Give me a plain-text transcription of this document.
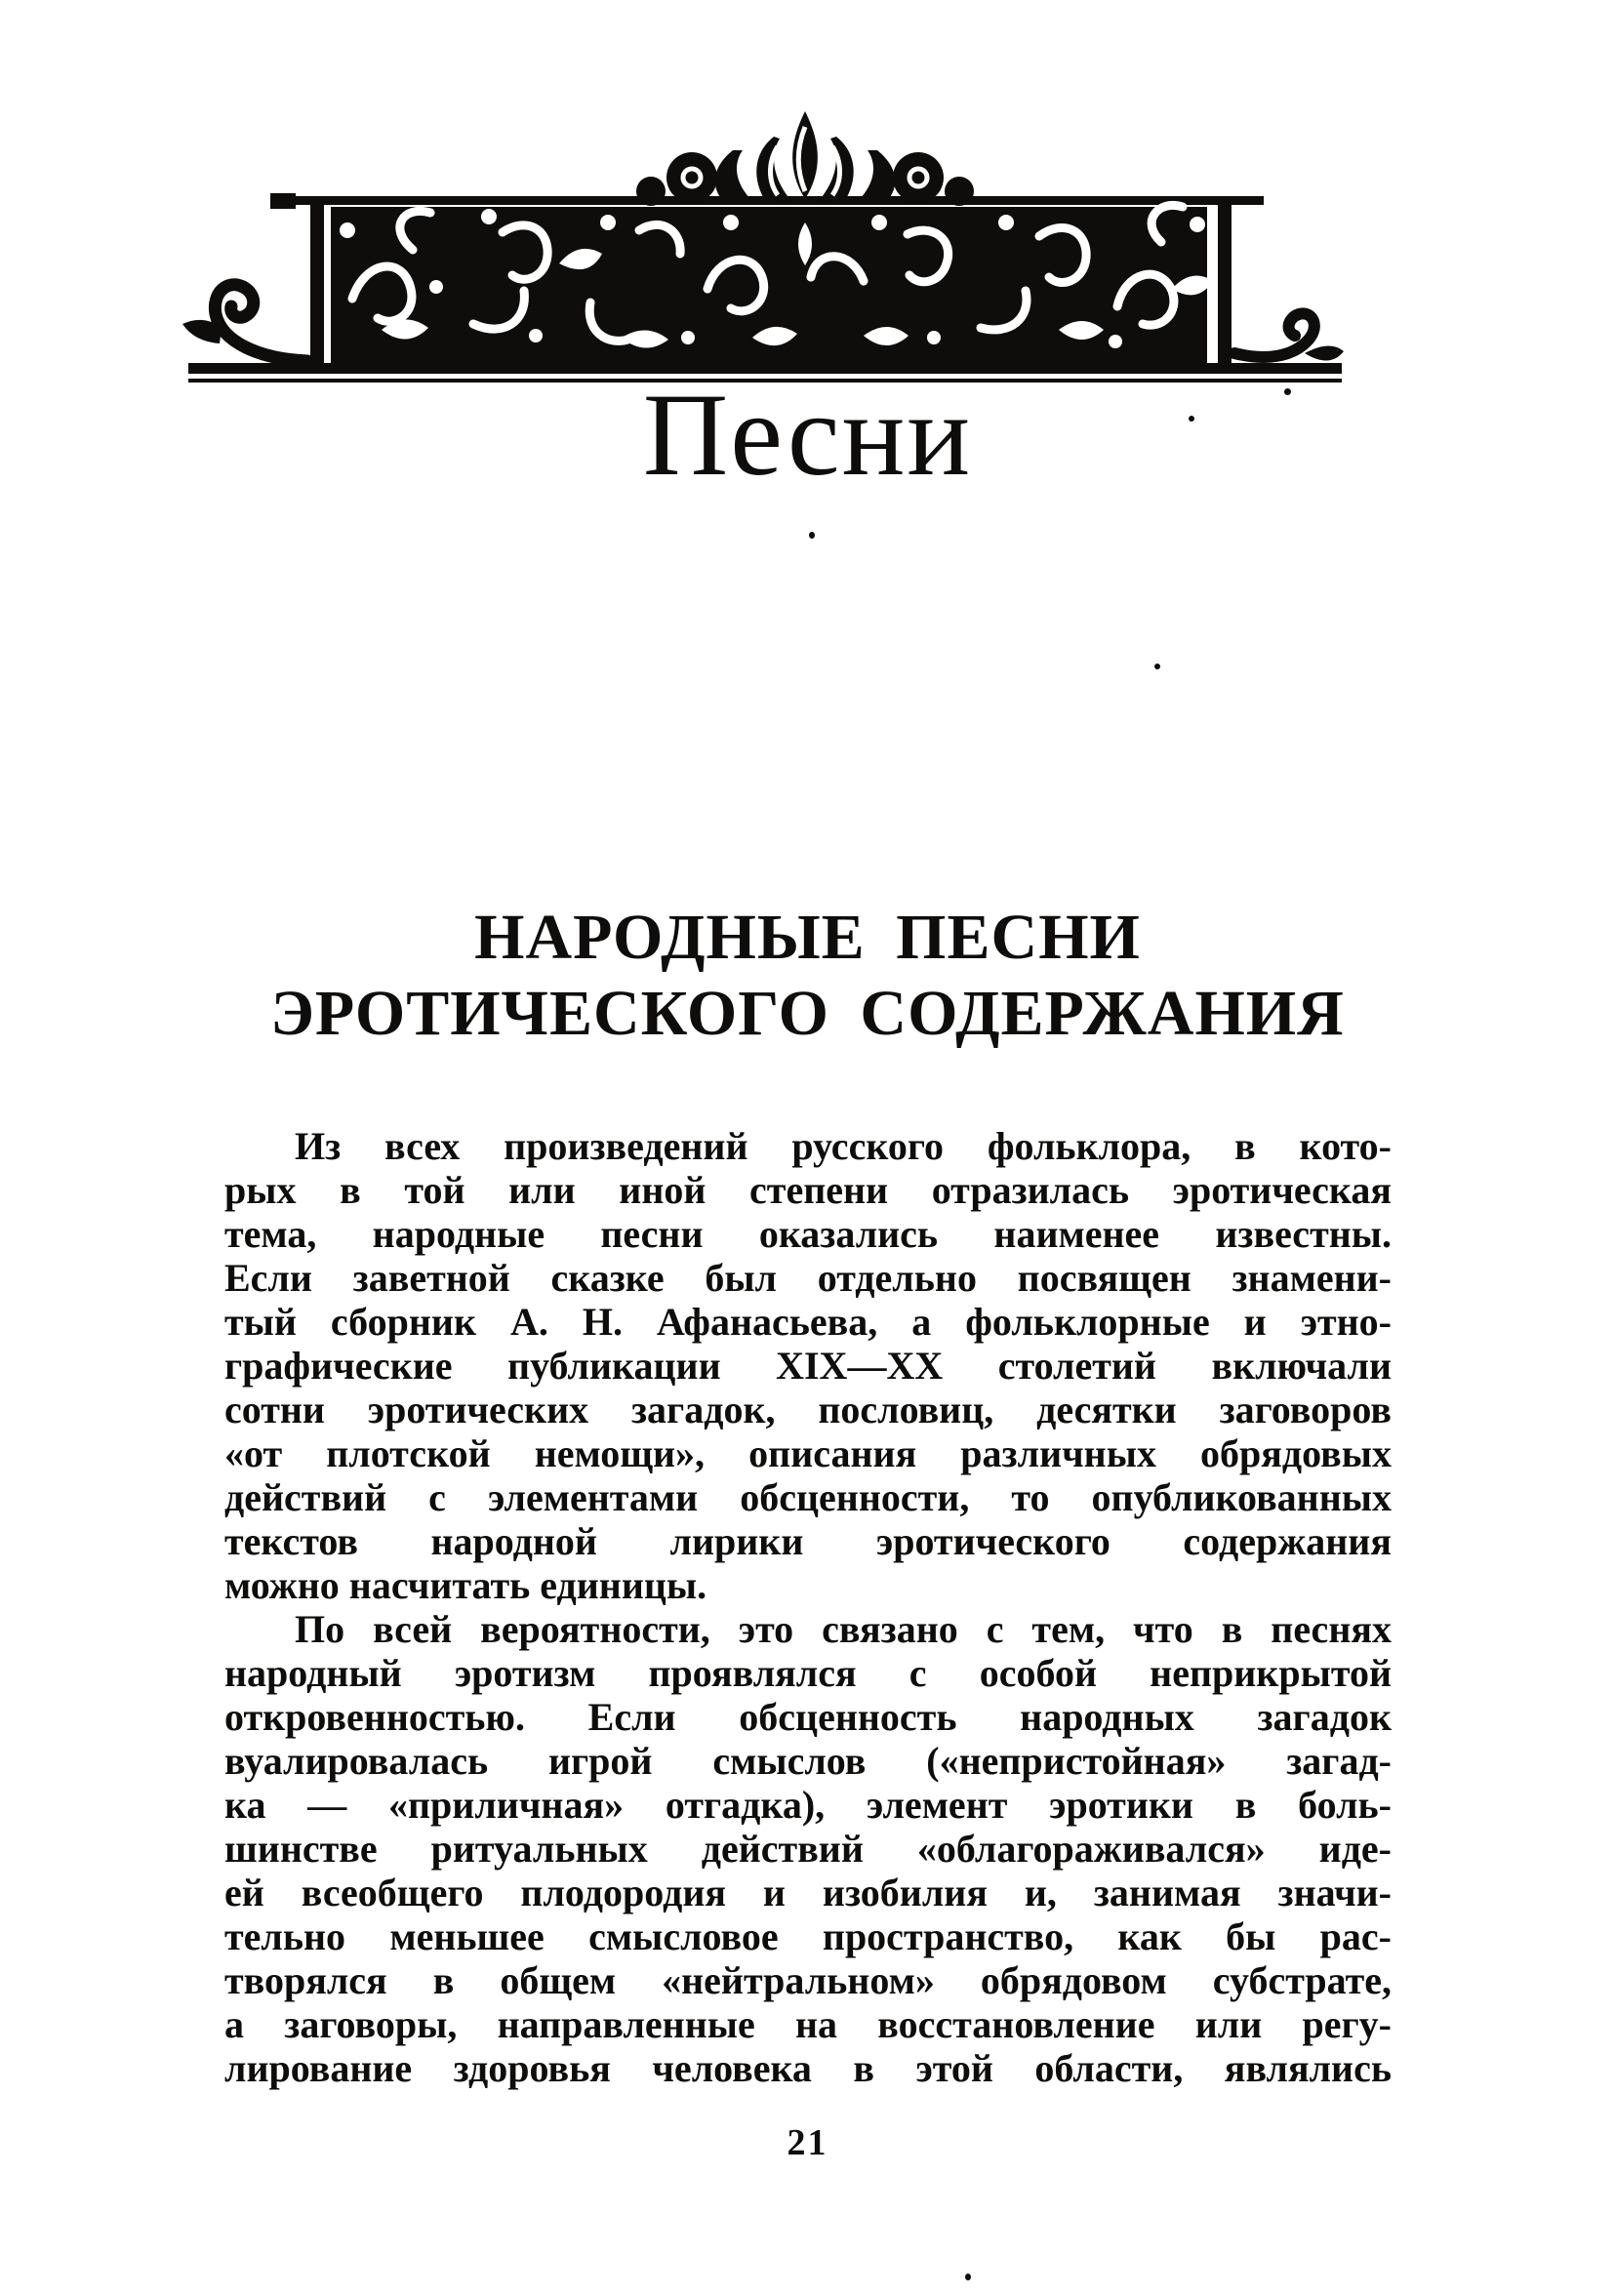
Песни
НАРОДНЫЕ ПЕСНИ
ЭРОТИЧЕСКОГО СОДЕРЖАНИЯ
Из всех произведений русского фольклора, в кото-
рых в той или иной степени отразилась эротическая
тема, народные песни оказались наименее известны.
Если заветной сказке был отдельно посвящен знамени-
тый сборник А. Н. Афанасьева, а фольклорные и этно-
графические публикации XIX—XX столетий включали
сотни эротических загадок, пословиц, десятки заговоров
«от плотской немощи», описания различных обрядовых
действий с элементами обсценности, то опубликованных
текстов народной лирики эротического содержания
можно насчитать единицы.
По всей вероятности, это связано с тем, что в песнях
народный эротизм проявлялся с особой неприкрытой
откровенностью. Если обсценность народных загадок
вуалировалась игрой смыслов («непристойная» загад-
ка — «приличная» отгадка), элемент эротики в боль-
шинстве ритуальных действий «облагораживался» иде-
ей всеобщего плодородия и изобилия и, занимая значи-
тельно меньшее смысловое пространство, как бы рас-
творялся в общем «нейтральном» обрядовом субстрате,
а заговоры, направленные на восстановление или регу-
лирование здоровья человека в этой области, являлись
21
